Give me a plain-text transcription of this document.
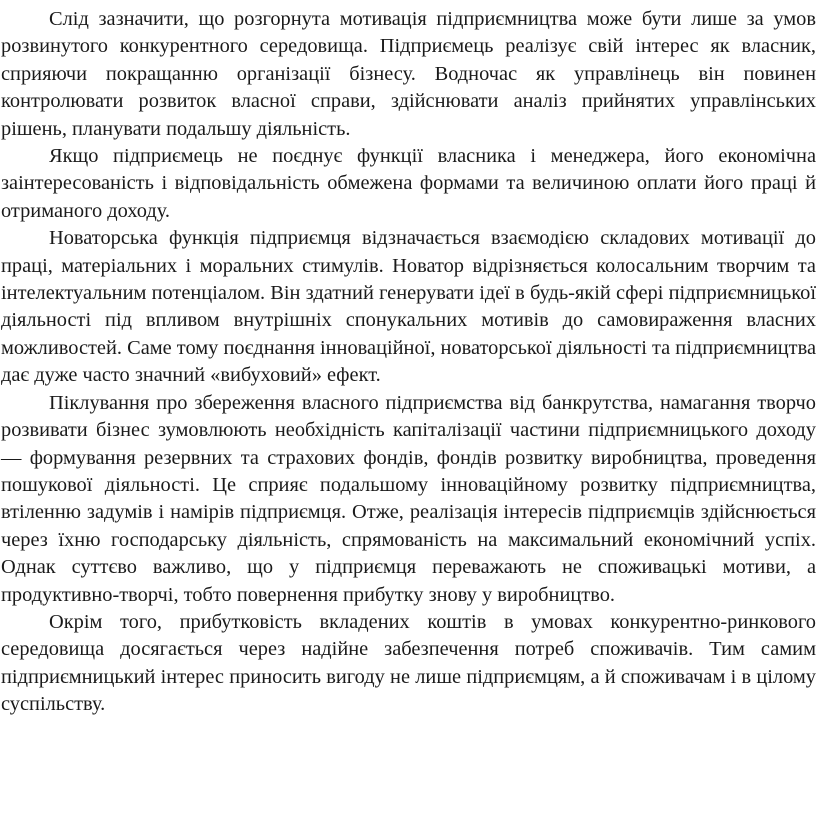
Слід зазначити, що розгорнута мотивація підприємництва може бути лише за умов розвинутого конкурентного середовища. Підприємець реалізує свій інтерес як власник, сприяючи покращанню організації бізнесу. Водночас як управлінець він повинен контролювати розвиток власної справи, здійснювати аналіз прийнятих управлінських рішень, планувати подальшу діяльність.

Якщо підприємець не поєднує функції власника і менеджера, його економічна заінтересованість і відповідальність обмежена формами та величиною оплати його праці й отриманого доходу.

Новаторська функція підприємця відзначається взаємодією складових мотивації до праці, матеріальних і моральних стимулів. Новатор відрізняється колосальним творчим та інтелектуальним потенціалом. Він здатний генерувати ідеї в будь-якій сфері підприємницької діяльності під впливом внутрішніх спонукальних мотивів до самовираження власних можливостей. Саме тому поєднання інноваційної, новаторської діяльності та підприємництва дає дуже часто значний «вибуховий» ефект.

Піклування про збереження власного підприємства від банкрутства, намагання творчо розвивати бізнес зумовлюють необхідність капіталізації частини підприємницького доходу — формування резервних та страхових фондів, фондів розвитку виробництва, проведення пошукової діяльності. Це сприяє подальшому інноваційному розвитку підприємництва, втіленню задумів і намірів підприємця. Отже, реалізація інтересів підприємців здійснюється через їхню господарську діяльність, спрямованість на максимальний економічний успіх. Однак суттєво важливо, що у підприємця переважають не споживацькі мотиви, а продуктивно-творчі, тобто повернення прибутку знову у виробництво.

Окрім того, прибутковість вкладених коштів в умовах конкурентно-ринкового середовища досягається через надійне забезпечення потреб споживачів. Тим самим підприємницький інтерес приносить вигоду не лише підприємцям, а й споживачам і в цілому суспільству.
